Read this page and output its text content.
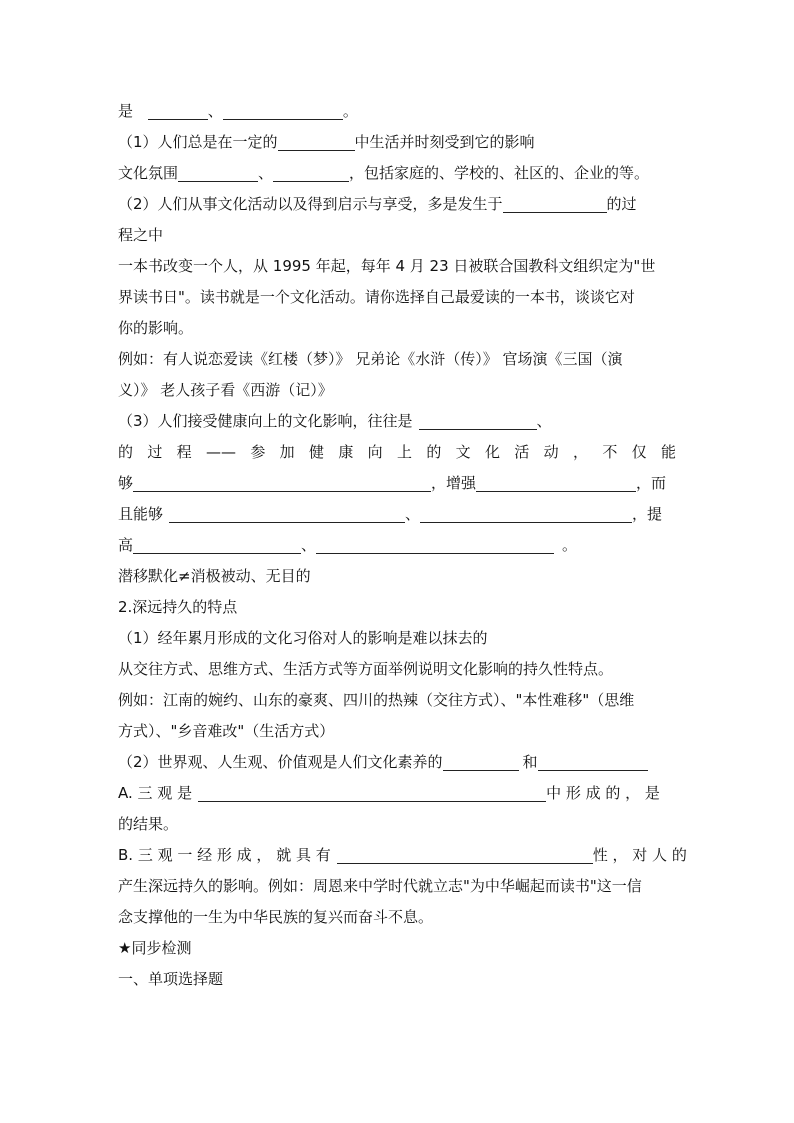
是	、	。
（1）人们总是在一定的	中生活并时刻受到它的影响
文化氛围	、	，包括家庭的、学校的、社区的、企业的等。
（2）人们从事文化活动以及得到启示与享受，多是发生于	的过
程之中
一本书改变一个人，从 1995 年起，每年 4 月 23 日被联合国教科文组织定为"世
界读书日"。读书就是一个文化活动。请你选择自己最爱读的一本书，谈谈它对
你的影响。
例如：有人说恋爱读《红楼（梦）》 兄弟论《水浒（传）》 官场演《三国（演
义）》 老人孩子看《西游（记）》
（3）人们接受健康向上的文化影响，往往是	、
的过程——参加健康向上的文化活动，不仅能
够	，增强	，而
且能够	、	，提
高	、	。
潜移默化≠消极被动、无目的
2.深远持久的特点
（1）经年累月形成的文化习俗对人的影响是难以抹去的
从交往方式、思维方式、生活方式等方面举例说明文化影响的持久性特点。
例如：江南的婉约、山东的豪爽、四川的热辣（交往方式）、"本性难移"（思维
方式）、"乡音难改"（生活方式）
（2）世界观、人生观、价值观是人们文化素养的	和
A. 三 观 是	中 形 成 的 ， 是
的结果。
B. 三 观 一 经 形 成 ， 就 具 有	性 ， 对 人 的
产生深远持久的影响。例如：周恩来中学时代就立志"为中华崛起而读书"这一信
念支撑他的一生为中华民族的复兴而奋斗不息。
★同步检测
一、单项选择题
